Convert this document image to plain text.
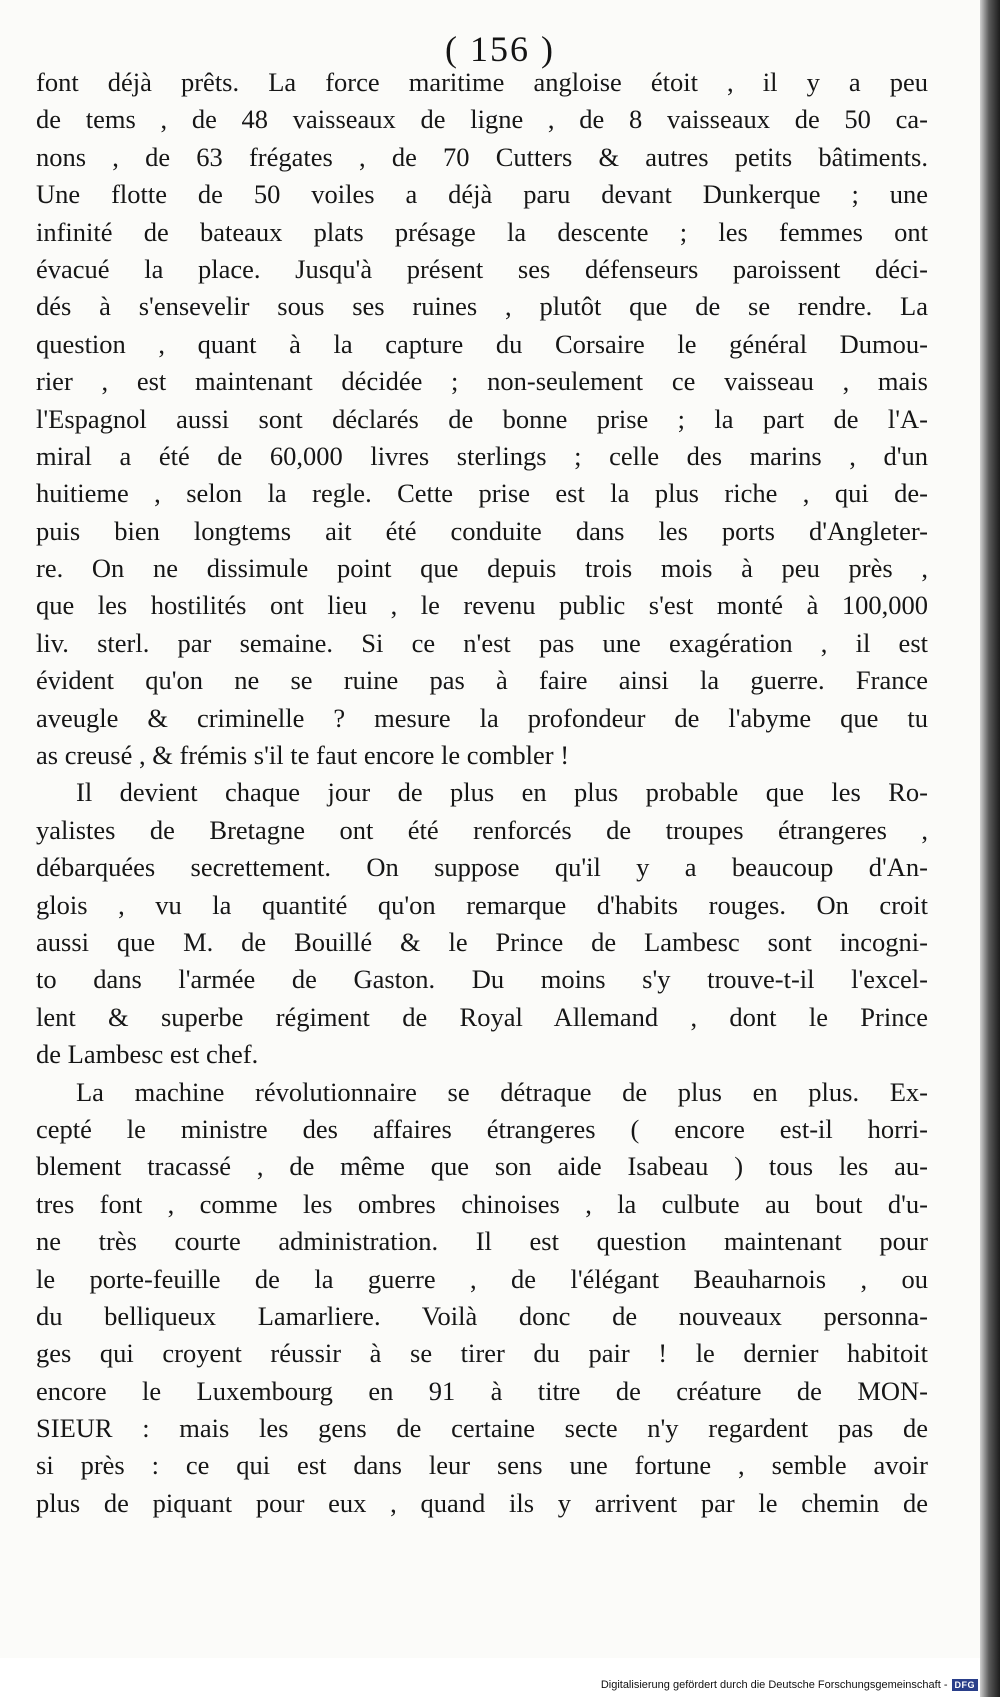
( 156 )
font déjà prêts. La force maritime angloise étoit , il y a peu
de tems , de 48 vaisseaux de ligne , de 8 vaisseaux de 50 ca-
nons , de 63 frégates , de 70 Cutters & autres petits bâtiments.
Une flotte de 50 voiles a déjà paru devant Dunkerque ; une
infinité de bateaux plats présage la descente ; les femmes ont
évacué la place. Jusqu'à présent ses défenseurs paroissent déci-
dés à s'ensevelir sous ses ruines , plutôt que de se rendre. La
question , quant à la capture du Corsaire le général Dumou-
rier , est maintenant décidée ; non-seulement ce vaisseau , mais
l'Espagnol aussi sont déclarés de bonne prise ; la part de l'A-
miral a été de 60,000 livres sterlings ; celle des marins , d'un
huitieme , selon la regle. Cette prise est la plus riche , qui de-
puis bien longtems ait été conduite dans les ports d'Angleter-
re. On ne dissimule point que depuis trois mois à peu près ,
que les hostilités ont lieu , le revenu public s'est monté à 100,000
liv. sterl. par semaine. Si ce n'est pas une exagération , il est
évident qu'on ne se ruine pas à faire ainsi la guerre. France
aveugle & criminelle ? mesure la profondeur de l'abyme que tu
as creusé , & frémis s'il te faut encore le combler !
Il devient chaque jour de plus en plus probable que les Ro-
yalistes de Bretagne ont été renforcés de troupes étrangeres ,
débarquées secrettement. On suppose qu'il y a beaucoup d'An-
glois , vu la quantité qu'on remarque d'habits rouges. On croit
aussi que M. de Bouillé & le Prince de Lambesc sont incogni-
to dans l'armée de Gaston. Du moins s'y trouve-t-il l'excel-
lent & superbe régiment de Royal Allemand , dont le Prince
de Lambesc est chef.
La machine révolutionnaire se détraque de plus en plus. Ex-
cepté le ministre des affaires étrangeres ( encore est-il horri-
blement tracassé , de même que son aide Isabeau ) tous les au-
tres font , comme les ombres chinoises , la culbute au bout d'u-
ne très courte administration. Il est question maintenant pour
le porte-feuille de la guerre , de l'élégant Beauharnois , ou
du belliqueux Lamarliere. Voilà donc de nouveaux personna-
ges qui croyent réussir à se tirer du pair ! le dernier habitoit
encore le Luxembourg en 91 à titre de créature de MON-
SIEUR : mais les gens de certaine secte n'y regardent pas de
si près : ce qui est dans leur sens une fortune , semble avoir
plus de piquant pour eux , quand ils y arrivent par le chemin de
Digitalisierung gefördert durch die Deutsche Forschungsgemeinschaft - DFG
